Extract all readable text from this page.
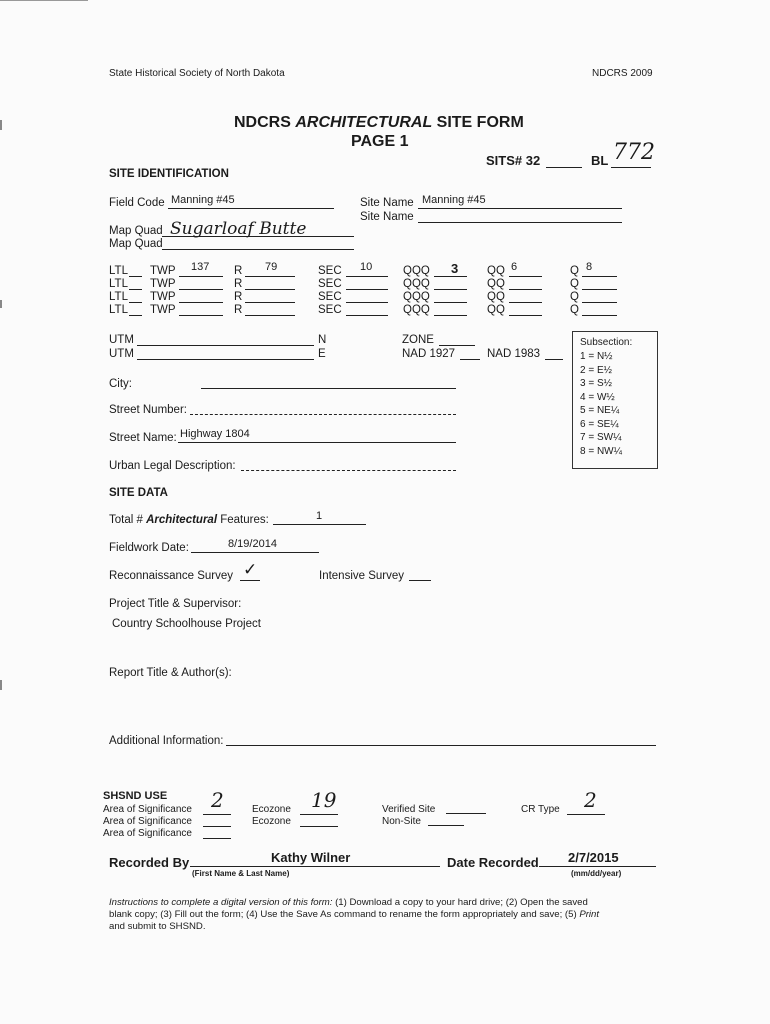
State Historical Society of North Dakota	NDCRS 2009
NDCRS ARCHITECTURAL SITE FORM
PAGE 1
SITS# 32	BL 772
SITE IDENTIFICATION
Field Code Manning #45	Site Name Manning #45
Site Name
Map Quad Sugarloaf Butte
Map Quad
LTL TWP 137 R 79	SEC 10	QQQ 3	QQ 6	Q 8
LTL TWP	R	SEC	QQQ	QQ	Q
LTL TWP	R	SEC	QQQ	QQ	Q
LTL TWP	R	SEC	QQQ	QQ	Q
UTM	N
UTM	E
ZONE
NAD 1927	NAD 1983
Subsection:
1 = N½
2 = E½
3 = S½
4 = W½
5 = NE¼
6 = SE¼
7 = SW¼
8 = NW¼
City:
Street Number:
Street Name: Highway 1804
Urban Legal Description:
SITE DATA
Total # Architectural Features:	1
Fieldwork Date:	8/19/2014
Reconnaissance Survey ✓	Intensive Survey
Project Title & Supervisor:
Country Schoolhouse Project
Report Title & Author(s):
Additional Information:
SHSND USE
Area of Significance 2
Area of Significance
Area of Significance
Ecozone 19
Ecozone
Verified Site
Non-Site
CR Type 2
Recorded By	Kathy Wilner
(First Name & Last Name)
Date Recorded 2/7/2015
(mm/dd/year)
Instructions to complete a digital version of this form: (1) Download a copy to your hard drive; (2) Open the saved
blank copy; (3) Fill out the form; (4) Use the Save As command to rename the form appropriately and save; (5) Print
and submit to SHSND.
